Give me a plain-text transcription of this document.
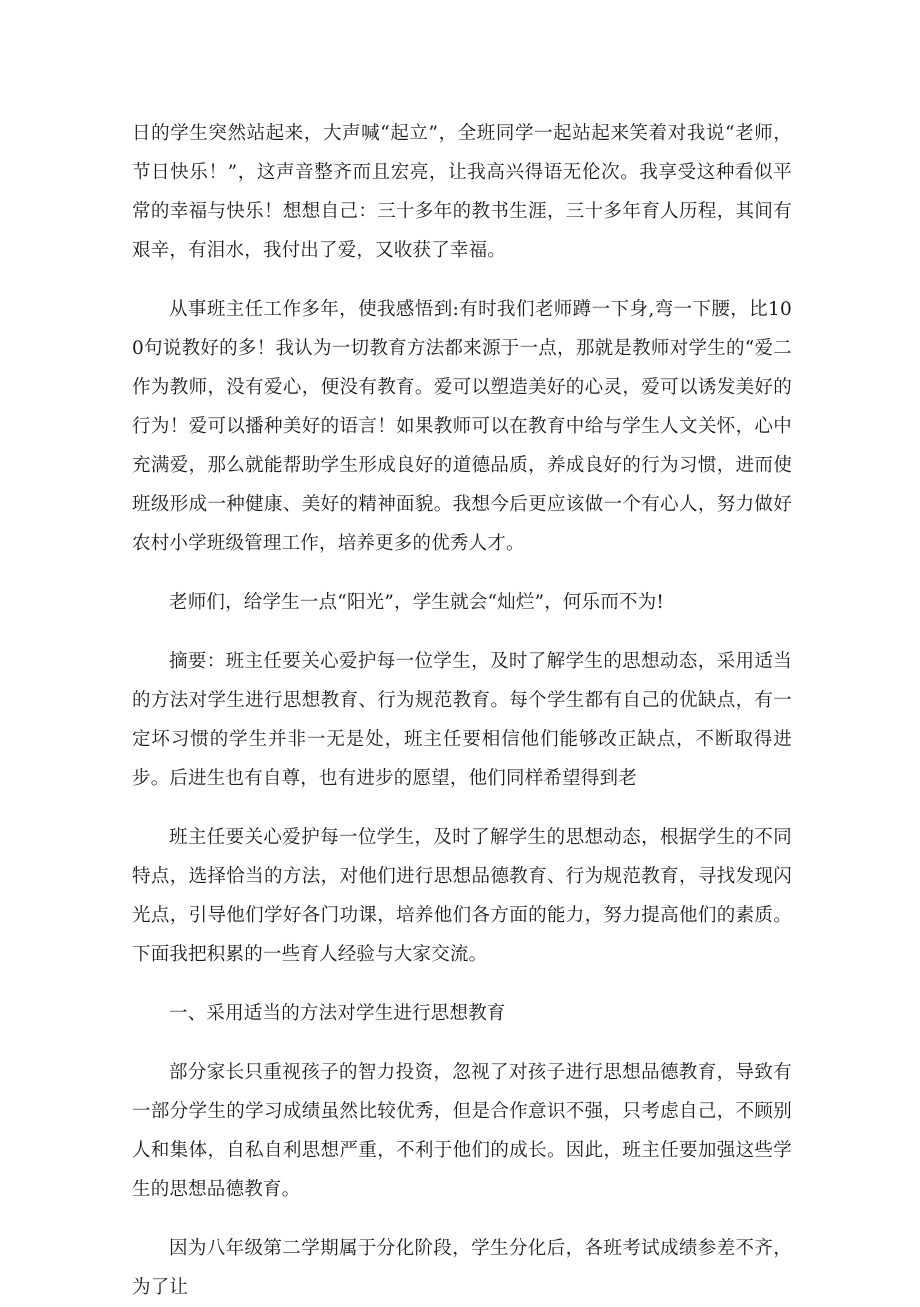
日的学生突然站起来，大声喊“起立”，全班同学一起站起来笑着对我说“老师，节日快乐！”，这声音整齐而且宏亮，让我高兴得语无伦次。我享受这种看似平常的幸福与快乐！想想自己：三十多年的教书生涯，三十多年育人历程，其间有艰辛，有泪水，我付出了爱，又收获了幸福。

从事班主任工作多年，使我感悟到:有时我们老师蹲一下身,弯一下腰，比100句说教好的多！我认为一切教育方法都来源于一点，那就是教师对学生的“爱二作为教师，没有爱心，便没有教育。爱可以塑造美好的心灵，爱可以诱发美好的行为！爱可以播种美好的语言！如果教师可以在教育中给与学生人文关怀，心中充满爱，那么就能帮助学生形成良好的道德品质，养成良好的行为习惯，进而使班级形成一种健康、美好的精神面貌。我想今后更应该做一个有心人，努力做好农村小学班级管理工作，培养更多的优秀人才。

老师们，给学生一点“阳光”，学生就会“灿烂”，何乐而不为!

摘要：班主任要关心爱护每一位学生，及时了解学生的思想动态，采用适当的方法对学生进行思想教育、行为规范教育。每个学生都有自己的优缺点，有一定坏习惯的学生并非一无是处，班主任要相信他们能够改正缺点，不断取得进步。后进生也有自尊，也有进步的愿望，他们同样希望得到老

班主任要关心爱护每一位学生，及时了解学生的思想动态，根据学生的不同特点，选择恰当的方法，对他们进行思想品德教育、行为规范教育，寻找发现闪光点，引导他们学好各门功课，培养他们各方面的能力，努力提高他们的素质。下面我把积累的一些育人经验与大家交流。

一、采用适当的方法对学生进行思想教育

部分家长只重视孩子的智力投资，忽视了对孩子进行思想品德教育，导致有一部分学生的学习成绩虽然比较优秀，但是合作意识不强，只考虑自己，不顾别人和集体，自私自利思想严重，不利于他们的成长。因此，班主任要加强这些学生的思想品德教育。

因为八年级第二学期属于分化阶段，学生分化后，各班考试成绩参差不齐，为了让
